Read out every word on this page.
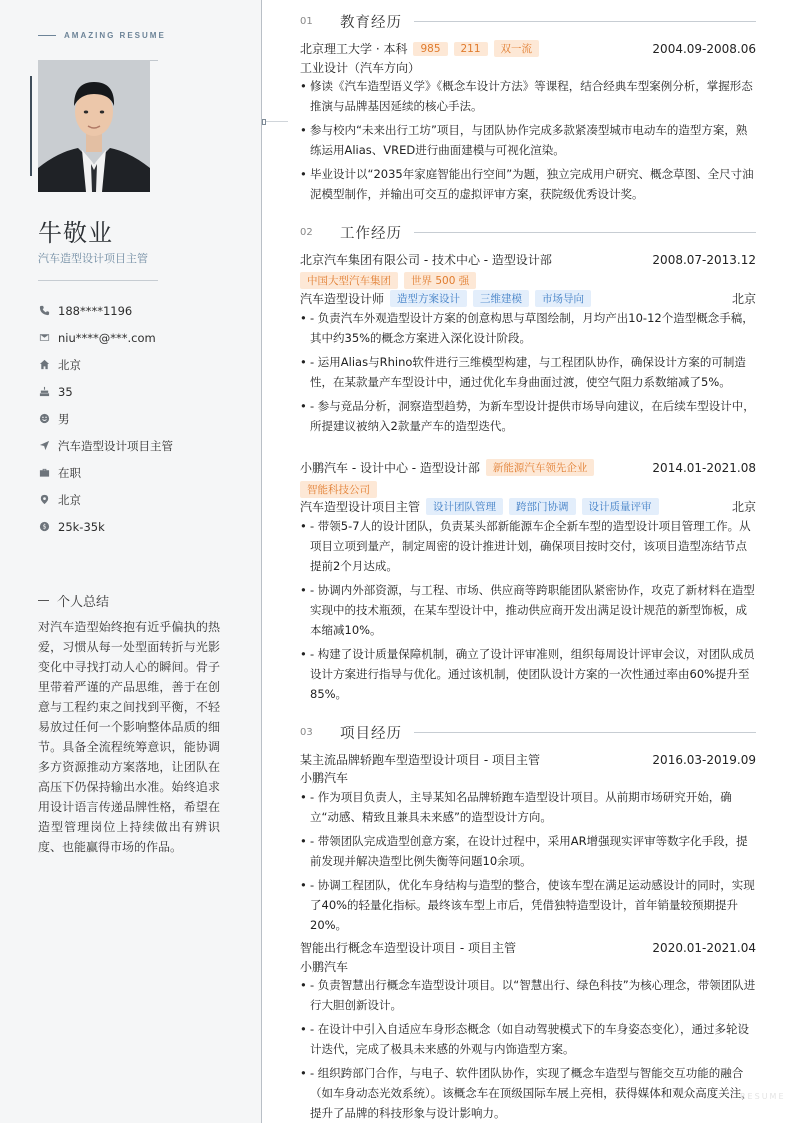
AMAZING RESUME
牛敬业
汽车造型设计项目主管
188****1196
niu****@***.com
北京
35
男
汽车造型设计项目主管
在职
北京
$ 25k-35k
个人总结
对汽车造型始终抱有近乎偏执的热爱，习惯从每一处型面转折与光影变化中寻找打动人心的瞬间。骨子里带着严谨的产品思维，善于在创意与工程约束之间找到平衡，不轻易放过任何一个影响整体品质的细节。具备全流程统筹意识，能协调多方资源推动方案落地，让团队在高压下仍保持输出水准。始终追求用设计语言传递品牌性格，希望在造型管理岗位上持续做出有辨识度、也能赢得市场的作品。
01	教育经历
北京理工大学 · 本科	985	211	双一流	2004.09-2008.06
工业设计（汽车方向）
• 修读《汽车造型语义学》《概念车设计方法》等课程，结合经典车型案例分析，掌握形态推演与品牌基因延续的核心手法。
• 参与校内“未来出行工坊”项目，与团队协作完成多款紧凑型城市电动车的造型方案，熟练运用Alias、VRED进行曲面建模与可视化渲染。
• 毕业设计以“2035年家庭智能出行空间”为题，独立完成用户研究、概念草图、全尺寸油泥模型制作，并输出可交互的虚拟评审方案，获院级优秀设计奖。
02	工作经历
北京汽车集团有限公司 - 技术中心 - 造型设计部	2008.07-2013.12
中国大型汽车集团	世界 500 强
汽车造型设计师	造型方案设计	三维建模	市场导向	北京
• - 负责汽车外观造型设计方案的创意构思与草图绘制，月均产出10-12个造型概念手稿，其中约35%的概念方案进入深化设计阶段。
• - 运用Alias与Rhino软件进行三维模型构建，与工程团队协作，确保设计方案的可制造性，在某款量产车型设计中，通过优化车身曲面过渡，使空气阻力系数缩减了5%。
• - 参与竞品分析，洞察造型趋势，为新车型设计提供市场导向建议，在后续车型设计中，所提建议被纳入2款量产车的造型迭代。
小鹏汽车 - 设计中心 - 造型设计部	新能源汽车领先企业	2014.01-2021.08
智能科技公司
汽车造型设计项目主管	设计团队管理	跨部门协调	设计质量评审	北京
• - 带领5-7人的设计团队，负责某头部新能源车企全新车型的造型设计项目管理工作。从项目立项到量产，制定周密的设计推进计划，确保项目按时交付，该项目造型冻结节点提前2个月达成。
• - 协调内外部资源，与工程、市场、供应商等跨职能团队紧密协作，攻克了新材料在造型实现中的技术瓶颈，在某车型设计中，推动供应商开发出满足设计规范的新型饰板，成本缩减10%。
• - 构建了设计质量保障机制，确立了设计评审准则，组织每周设计评审会议，对团队成员设计方案进行指导与优化。通过该机制，使团队设计方案的一次性通过率由60%提升至85%。
03	项目经历
某主流品牌轿跑车型造型设计项目 - 项目主管	2016.03-2019.09
小鹏汽车
• - 作为项目负责人，主导某知名品牌轿跑车造型设计项目。从前期市场研究开始，确立“动感、精致且兼具未来感”的造型设计方向。
• - 带领团队完成造型创意方案，在设计过程中，采用AR增强现实评审等数字化手段，提前发现并解决造型比例失衡等问题10余项。
• - 协调工程团队，优化车身结构与造型的整合，使该车型在满足运动感设计的同时，实现了40%的轻量化指标。最终该车型上市后，凭借独特造型设计，首年销量较预期提升20%。
智能出行概念车造型设计项目 - 项目主管	2020.01-2021.04
小鹏汽车
• - 负责智慧出行概念车造型设计项目。以“智慧出行、绿色科技”为核心理念，带领团队进行大胆创新设计。
• - 在设计中引入自适应车身形态概念（如自动驾驶模式下的车身姿态变化），通过多轮设计迭代，完成了极具未来感的外观与内饰造型方案。
• - 组织跨部门合作，与电子、软件团队协作，实现了概念车造型与智能交互功能的融合（如车身动态光效系统）。该概念车在顶级国际车展上亮相，获得媒体和观众高度关注，提升了品牌的科技形象与设计影响力。
RESUME
